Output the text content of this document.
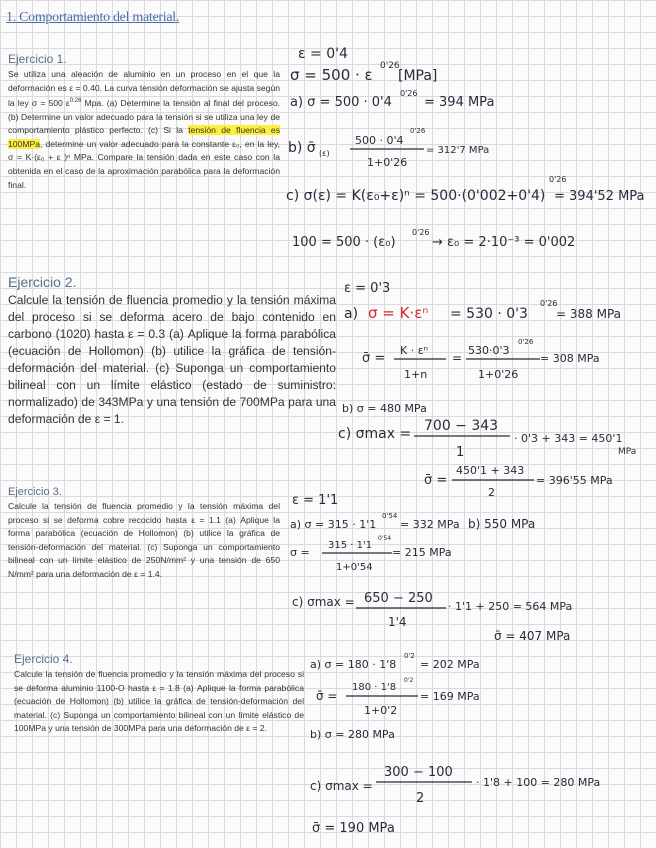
1. Comportamiento del material.
Ejercicio 1.

Se utiliza una aleación de aluminio en un proceso en el que la deformación es ε = 0.40. La curva tensión deformación se ajusta según la ley σ = 500 $\varepsilon^{0.26}$ Mpa. (a) Determine la tensión al final del proceso. (b) Determine un valor adecuado para la tensión si se utiliza una ley de comportamiento plástico perfecto. (c) Si la tensión de fluencia es 100MPa, determine un valor adecuado para la constante ε₀, en la ley, σ = K·(ε₀ + ε )ⁿ MPa. Compare la tensión dada en este caso con la obtenida en el caso de la aproximación parabólica para la deformación final.

Ejercicio 2.

Calcule la tensión de fluencia promedio y la tensión máxima del proceso si se deforma acero de bajo contenido en carbono (1020) hasta ε = 0.3 (a) Aplique la forma parabólica (ecuación de Hollomon) (b) utilice la gráfica de tensión-deformación del material. (c) Suponga un comportamiento bilineal con un límite elástico (estado de suministro: normalizado) de 343MPa y una tensión de 700MPa para una deformación de ε = 1.

Ejercicio 3.

Calcule la tensión de fluencia promedio y la tensión máxima del proceso si se deforma cobre recocido hasta ε = 1.1 (a) Aplique la forma parabólica (ecuación de Hollomon) (b) utilice la gráfica de tensión-deformación del material. (c) Suponga un comportamiento bilineal con un límite elástico de 250N/mm² y una tensión de 650 N/mm² para una deformación de ε = 1.4.

Ejercicio 4.

Calcule la tensión de fluencia promedio y la tensión máxima del proceso si se deforma aluminio 1100-O hasta ε = 1.8 (a) Aplique la forma parabólica (ecuación de Hollomon) (b) utilice la gráfica de tensión-deformación del material. (c) Suponga un comportamiento bilineal con un límite elástico de 100MPa y una tensión de 300MPa para una deformación de ε = 2.

ε = 0'4
σ = 500 · ε 0'26
[MPa]
a) σ = 500 · 0'4
0'26
= 394 MPa
b) σ̄ (ε)
500 · 0'4
0'26
1+0'26
= 312'7 MPa
c) σ(ε) = K(ε₀+ε)ⁿ = 500·(0'002+0'4)
0'26
= 394'52 MPa
100 = 500 · (ε₀)
0'26
→ ε₀ = 2·10⁻³ = 0'002
ε = 0'3
a) σ = K·εⁿ = 530 · 0'3
0'26
= 388 MPa
σ̄ =
K · εⁿ
1+n
=
530·0'3
0'26
1+0'26
= 308 MPa
b) σ = 480 MPa
c) σmax = 700 − 343
1
· 0'3 + 343 = 450'1
MPa
σ̄ =
450'1 + 343
2
= 396'55 MPa
ε = 1'1
a) σ = 315 · 1'1
0'54
= 332 MPa b) 550 MPa
σ =
315 · 1'1
0'54
1+0'54
= 215 MPa
c) σmax = 650 − 250
1'4
· 1'1 + 250 = 564 MPa
σ̄ = 407 MPa
a) σ = 180 · 1'8
0'2
= 202 MPa
σ̄ =
180 · 1'8
0'2
1+0'2
= 169 MPa
b) σ = 280 MPa
c) σmax =
300 − 100
2
· 1'8 + 100 = 280 MPa
σ̄ = 190 MPa
